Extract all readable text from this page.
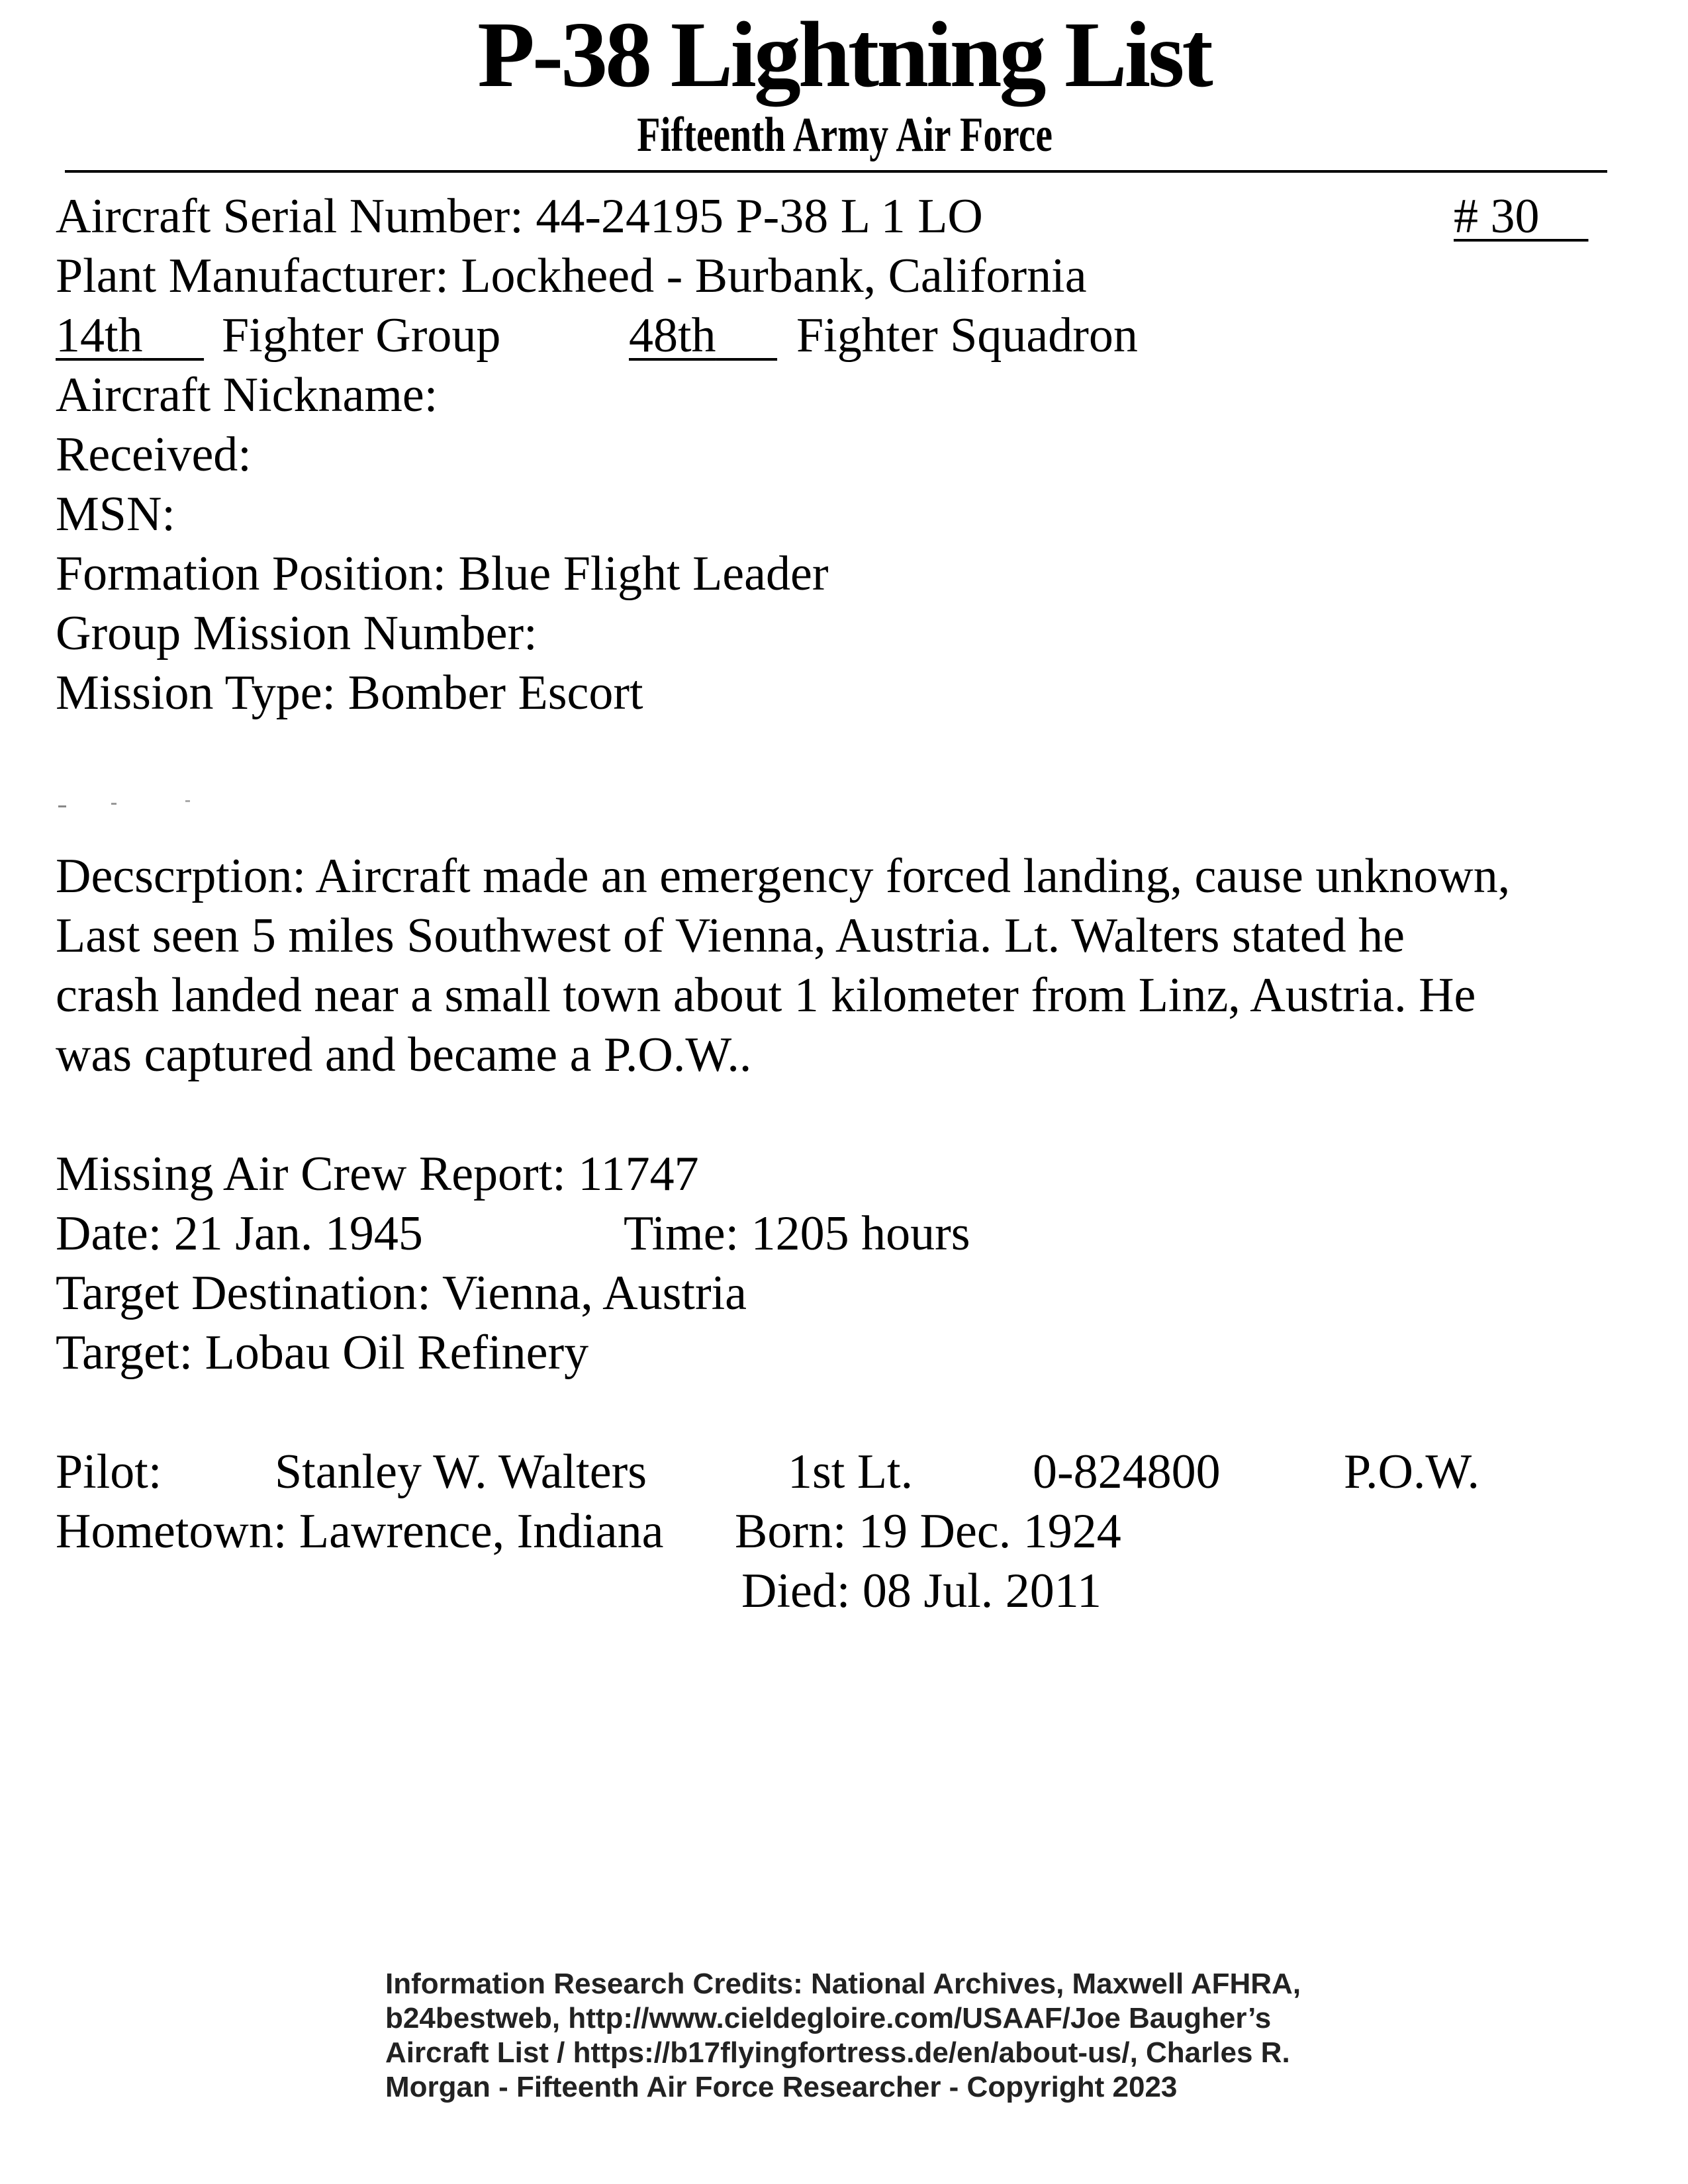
P-38 Lightning List
Fifteenth Army Air Force
Aircraft Serial Number: 44-24195 P-38 L 1 LO	# 30
Plant Manufacturer: Lockheed - Burbank, California
14th	Fighter Group	48th	Fighter Squadron
Aircraft Nickname:
Received:
MSN:
Formation Position: Blue Flight Leader
Group Mission Number:
Mission Type: Bomber Escort
Decscrption: Aircraft made an emergency forced landing, cause unknown,
Last seen 5 miles Southwest of Vienna, Austria. Lt. Walters stated he
crash landed near a small town about 1 kilometer from Linz, Austria. He
was captured and became a P.O.W..
Missing Air Crew Report: 11747
Date: 21 Jan. 1945	Time: 1205 hours
Target Destination: Vienna, Austria
Target: Lobau Oil Refinery
Pilot: Stanley W. Walters	1st Lt. 0-824800	P.O.W.
Hometown: Lawrence, Indiana Born: 19 Dec. 1924
Died: 08 Jul. 2011
Information Research Credits: National Archives, Maxwell AFHRA,
b24bestweb, http://www.cieldegloire.com/USAAF/Joe Baugher’s
Aircraft List / https://b17flyingfortress.de/en/about-us/, Charles R.
Morgan - Fifteenth Air Force Researcher - Copyright 2023
